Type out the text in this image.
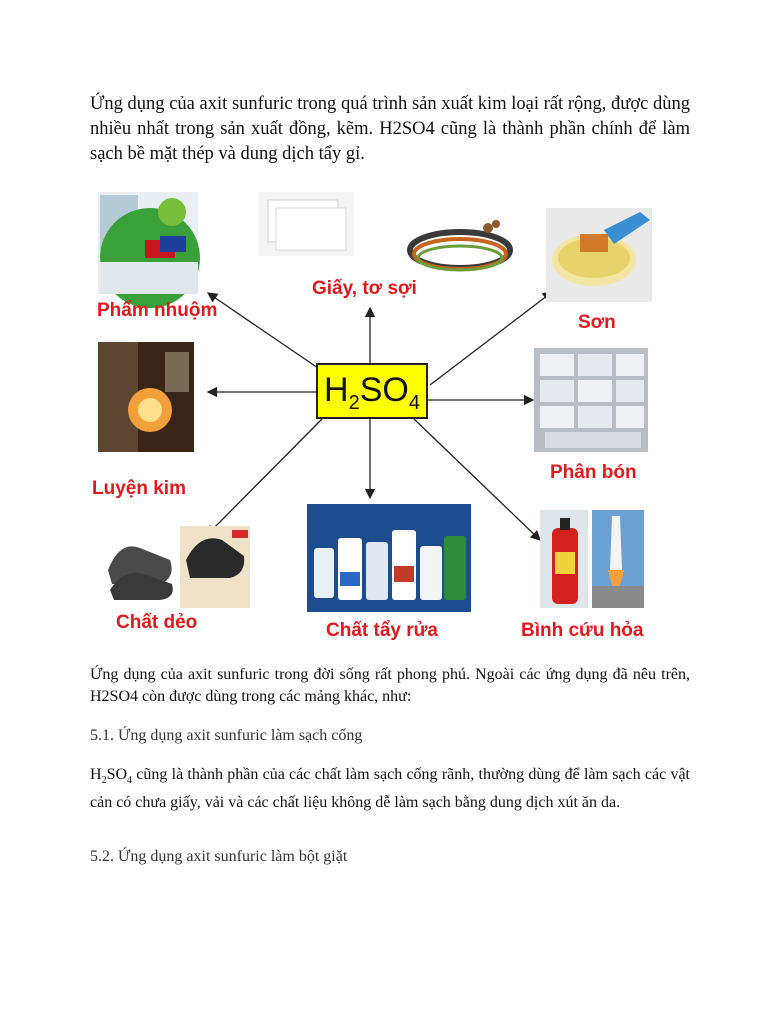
Ứng dụng của axit sunfuric trong quá trình sản xuất kim loại rất rộng, được dùng nhiều nhất trong sản xuất đồng, kẽm. H2SO4 cũng là thành phần chính để làm sạch bề mặt thép và dung dịch tẩy gỉ.

$H_2SO_4$
Phẩm nhuộm
Giấy, tơ sợi
Sơn
Luyện kim
Phân bón
Chất dẻo	Chất tẩy rửa	Bình cứu hỏa

Ứng dụng của axit sunfuric trong đời sống rất phong phú. Ngoài các ứng dụng đã nêu trên, H2SO4 còn được dùng trong các mảng khác, như:

5.1. Ứng dụng axit sunfuric làm sạch cống

$H_2SO_4$ cũng là thành phần của các chất làm sạch cống rãnh, thường dùng để làm sạch các vật cản có chưa giấy, vải và các chất liệu không dễ làm sạch bằng dung dịch xút ăn da.

5.2. Ứng dụng axit sunfuric làm bột giặt
